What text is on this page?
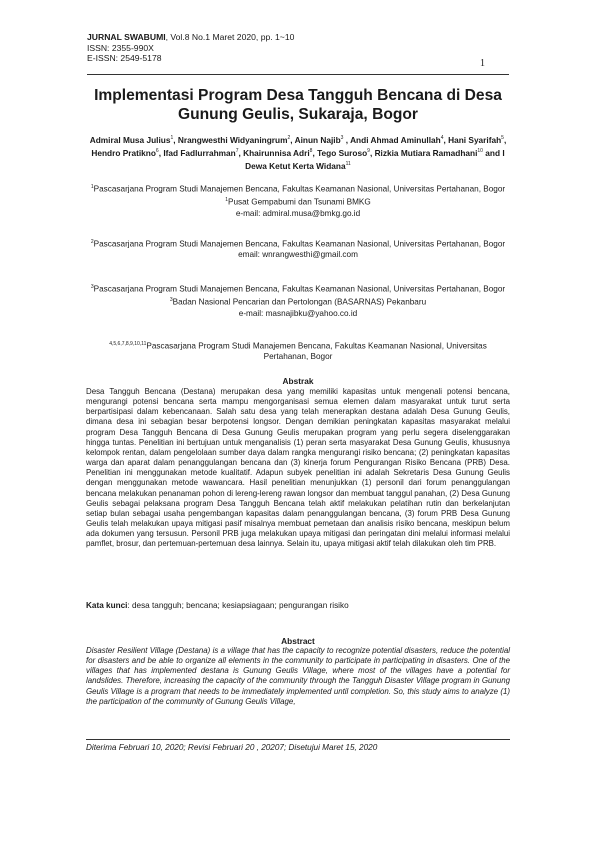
JURNAL SWABUMI, Vol.8 No.1 Maret 2020, pp. 1~10
ISSN: 2355-990X
E-ISSN: 2549-5178	1
Implementasi Program Desa Tangguh Bencana di Desa Gunung Geulis, Sukaraja, Bogor
Admiral Musa Julius$^1$, Nrangwesthi Widyaningrum$^2$, Ainun Najib$^3$ , Andi Ahmad Aminullah$^4$, Hani Syarifah$^5$, Hendro Pratikno$^6$, Ifad Fadlurrahman$^7$, Khairunnisa Adri$^8$, Tego Suroso$^9$, Rizkia Mutiara Ramadhani$^{10}$ and I Dewa Ketut Kerta Widana$^{11}$
$^1$Pascasarjana Program Studi Manajemen Bencana, Fakultas Keamanan Nasional, Universitas Pertahanan, Bogor
$^1$Pusat Gempabumi dan Tsunami BMKG
e-mail: admiral.musa@bmkg.go.id
$^2$Pascasarjana Program Studi Manajemen Bencana, Fakultas Keamanan Nasional, Universitas Pertahanan, Bogor
email: wnrangwesthi@gmail.com
$^3$Pascasarjana Program Studi Manajemen Bencana, Fakultas Keamanan Nasional, Universitas Pertahanan, Bogor
$^3$Badan Nasional Pencarian dan Pertolongan (BASARNAS) Pekanbaru
e-mail: masnajibku@yahoo.co.id
$^{4,5,6,7,8,9,10,11}$Pascasarjana Program Studi Manajemen Bencana, Fakultas Keamanan Nasional, Universitas Pertahanan, Bogor
Abstrak
Desa Tangguh Bencana (Destana) merupakan desa yang memiliki kapasitas untuk mengenali potensi bencana, mengurangi potensi bencana serta mampu mengorganisasi semua elemen dalam masyarakat untuk turut serta berpartisipasi dalam kebencanaan. Salah satu desa yang telah menerapkan destana adalah Desa Gunung Geulis, dimana desa ini sebagian besar berpotensi longsor. Dengan demikian peningkatan kapasitas masyarakat melalui program Desa Tangguh Bencana di Desa Gunung Geulis merupakan program yang perlu segera diselenggarakan hingga tuntas. Penelitian ini bertujuan untuk menganalisis (1) peran serta masyarakat Desa Gunung Geulis, khususnya kelompok rentan, dalam pengelolaan sumber daya dalam rangka mengurangi risiko bencana; (2) peningkatan kapasitas warga dan aparat dalam penanggulangan bencana dan (3) kinerja forum Pengurangan Risiko Bencana (PRB) Desa. Penelitian ini menggunakan metode kualitatif. Adapun subyek penelitian ini adalah Sekretaris Desa Gunung Geulis dengan menggunakan metode wawancara. Hasil penelitian menunjukkan (1) personil dari forum penanggulangan bencana melakukan penanaman pohon di lereng-lereng rawan longsor dan membuat tanggul panahan, (2) Desa Gunung Geulis sebagai pelaksana program Desa Tangguh Bencana telah aktif melakukan pelatihan rutin dan berkelanjutan setiap bulan sebagai usaha pengembangan kapasitas dalam penanggulangan bencana, (3) forum PRB Desa Gunung Geulis telah melakukan upaya mitigasi pasif misalnya membuat pemetaan dan analisis risiko bencana, meskipun belum ada dokumen yang tersusun. Personil PRB juga melakukan upaya mitigasi dan peringatan dini melalui informasi melalui pamflet, brosur, dan pertemuan-pertemuan desa lainnya. Selain itu, upaya mitigasi aktif telah dilakukan oleh tim PRB.
Kata kunci: desa tangguh; bencana; kesiapsiagaan; pengurangan risiko
Abstract
Disaster Resilient Village (Destana) is a village that has the capacity to recognize potential disasters, reduce the potential for disasters and be able to organize all elements in the community to participate in participating in disasters. One of the villages that has implemented destana is Gunung Geulis Village, where most of the villages have a potential for landslides. Therefore, increasing the capacity of the community through the Tangguh Disaster Village program in Gunung Geulis Village is a program that needs to be immediately implemented until completion. So, this study aims to analyze (1) the participation of the community of Gunung Geulis Village,
Diterima Februari 10, 2020; Revisi Februari 20 , 20207; Disetujui Maret 15, 2020
